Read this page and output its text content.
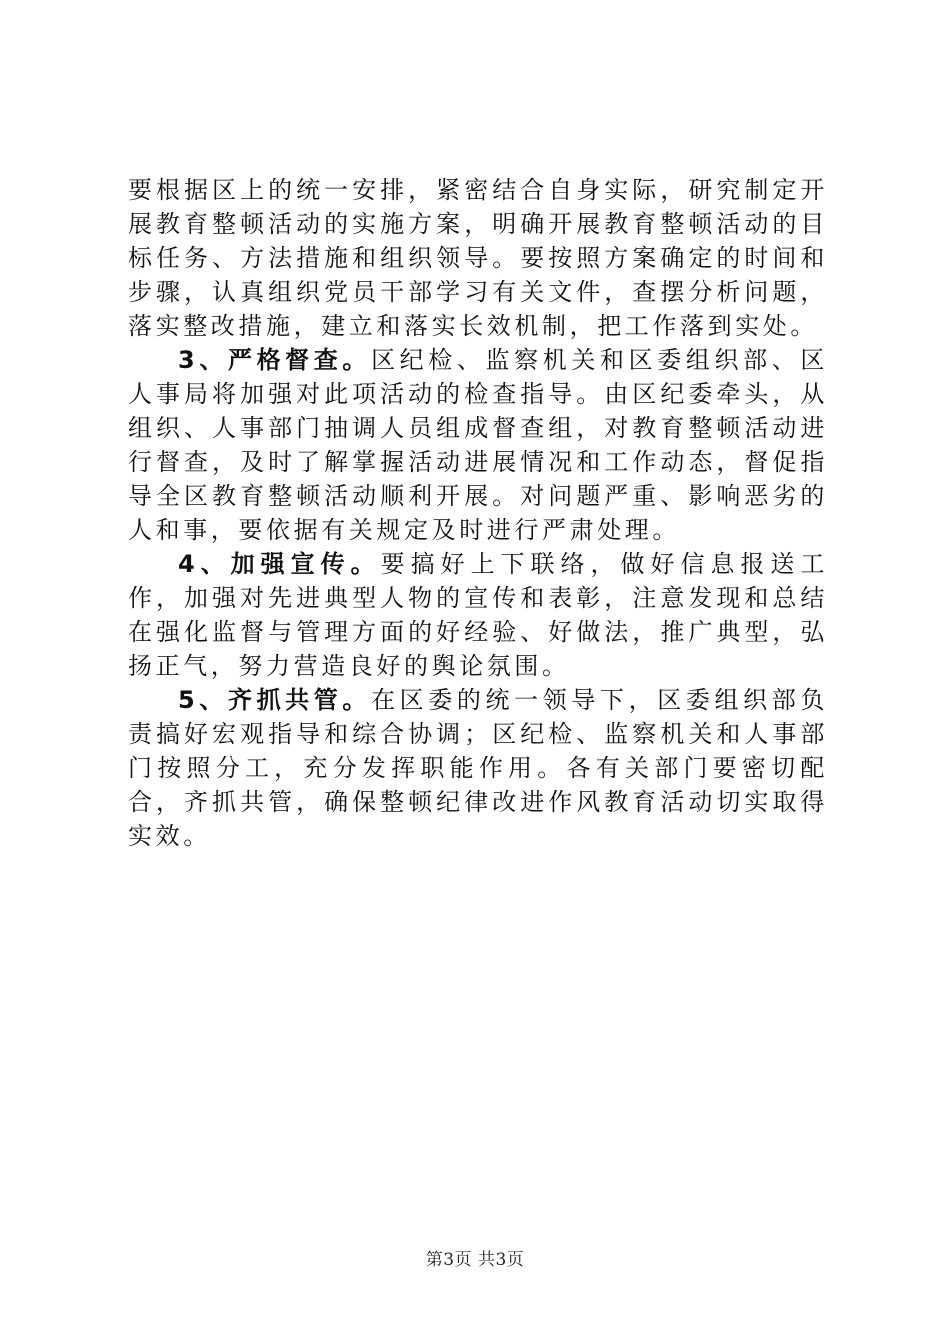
要根据区上的统一安排，紧密结合自身实际，研究制定开展教育整顿活动的实施方案，明确开展教育整顿活动的目标任务、方法措施和组织领导。要按照方案确定的时间和步骤，认真组织党员干部学习有关文件，查摆分析问题，落实整改措施，建立和落实长效机制，把工作落到实处。

3、严格督查。区纪检、监察机关和区委组织部、区人事局将加强对此项活动的检查指导。由区纪委牵头，从组织、人事部门抽调人员组成督查组，对教育整顿活动进行督查，及时了解掌握活动进展情况和工作动态，督促指导全区教育整顿活动顺利开展。对问题严重、影响恶劣的人和事，要依据有关规定及时进行严肃处理。

4、加强宣传。要搞好上下联络，做好信息报送工作，加强对先进典型人物的宣传和表彰，注意发现和总结在强化监督与管理方面的好经验、好做法，推广典型，弘扬正气，努力营造良好的舆论氛围。

5、齐抓共管。在区委的统一领导下，区委组织部负责搞好宏观指导和综合协调；区纪检、监察机关和人事部门按照分工，充分发挥职能作用。各有关部门要密切配合，齐抓共管，确保整顿纪律改进作风教育活动切实取得实效。

第3页 共3页
